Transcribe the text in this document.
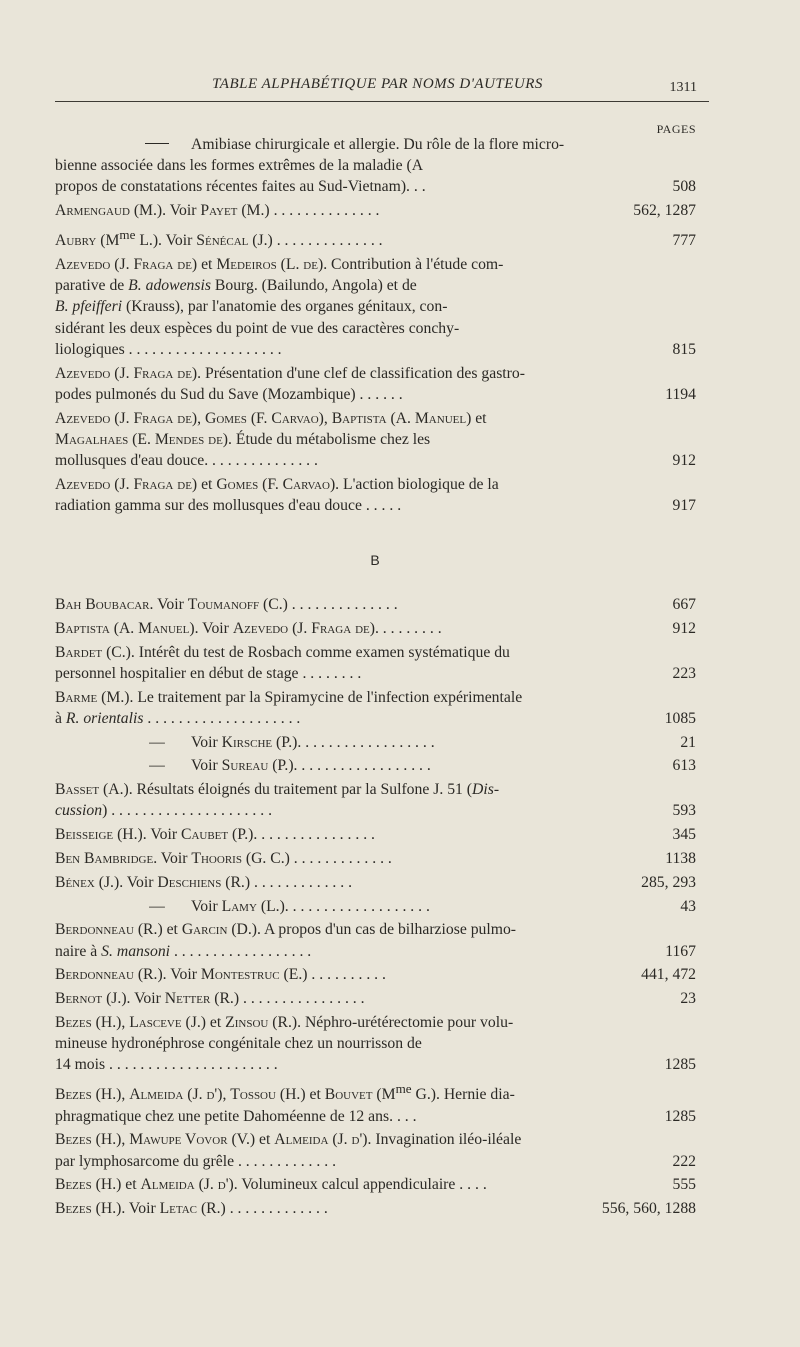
TABLE ALPHABÉTIQUE PAR NOMS D'AUTEURS	1311
PAGES
Amibiase chirurgicale et allergie. Du rôle de la flore micro-
bienne associée dans les formes extrêmes de la maladie (A
propos de constatations récentes faites au Sud-Vietnam). . .	508
Armengaud (M.). Voir Payet (M.) . . . . . . . . . . . . . .	562, 1287
Aubry ($M^{me}$ L.). Voir Sénécal (J.) . . . . . . . . . . . . . .	777
Azevedo (J. Fraga de) et Medeiros (L. de). Contribution à l'étude com-
parative de B. adowensis Bourg. (Bailundo, Angola) et de
B. pfeifferi (Krauss), par l'anatomie des organes génitaux, con-
sidérant les deux espèces du point de vue des caractères conchy-
liologiques . . . . . . . . . . . . . . . . . . . .	815
Azevedo (J. Fraga de). Présentation d'une clef de classification des gastro-
podes pulmonés du Sud du Save (Mozambique) . . . . . .	1194
Azevedo (J. Fraga de), Gomes (F. Carvao), Baptista (A. Manuel) et
Magalhaes (E. Mendes de). Étude du métabolisme chez les
mollusques d'eau douce. . . . . . . . . . . . . . .	912
Azevedo (J. Fraga de) et Gomes (F. Carvao). L'action biologique de la
radiation gamma sur des mollusques d'eau douce . . . . .	917
B
Bah Boubacar. Voir Toumanoff (C.) . . . . . . . . . . . . . .	667
Baptista (A. Manuel). Voir Azevedo (J. Fraga de). . . . . . . . .	912
Bardet (C.). Intérêt du test de Rosbach comme examen systématique du
personnel hospitalier en début de stage . . . . . . . .	223
Barme (M.). Le traitement par la Spiramycine de l'infection expérimentale
à R. orientalis . . . . . . . . . . . . . . . . . . . .	1085
— Voir Kirsche (P.). . . . . . . . . . . . . . . . . .	21
— Voir Sureau (P.). . . . . . . . . . . . . . . . . .	613
Basset (A.). Résultats éloignés du traitement par la Sulfone J. 51 (Dis-
cussion) . . . . . . . . . . . . . . . . . . . . .	593
Beisseige (H.). Voir Caubet (P.). . . . . . . . . . . . . . . .	345
Ben Bambridge. Voir Thooris (G. C.) . . . . . . . . . . . . .	1138
Bénex (J.). Voir Deschiens (R.) . . . . . . . . . . . . .	285, 293
— Voir Lamy (L.). . . . . . . . . . . . . . . . . . .	43
Berdonneau (R.) et Garcin (D.). A propos d'un cas de bilharziose pulmo-
naire à S. mansoni . . . . . . . . . . . . . . . . . .	1167
Berdonneau (R.). Voir Montestruc (E.) . . . . . . . . . .	441, 472
Bernot (J.). Voir Netter (R.) . . . . . . . . . . . . . . . .	23
Bezes (H.), Lasceve (J.) et Zinsou (R.). Néphro-urétérectomie pour volu-
mineuse hydronéphrose congénitale chez un nourrisson de
14 mois . . . . . . . . . . . . . . . . . . . . . .	1285
Bezes (H.), Almeida (J. d'), Tossou (H.) et Bouvet ($M^{me}$ G.). Hernie dia-
phragmatique chez une petite Dahoméenne de 12 ans. . . .	1285
Bezes (H.), Mawupe Vovor (V.) et Almeida (J. d'). Invagination iléo-iléale
par lymphosarcome du grêle . . . . . . . . . . . . .	222
Bezes (H.) et Almeida (J. d'). Volumineux calcul appendiculaire . . . .	555
Bezes (H.). Voir Letac (R.) . . . . . . . . . . . . .	556, 560, 1288
